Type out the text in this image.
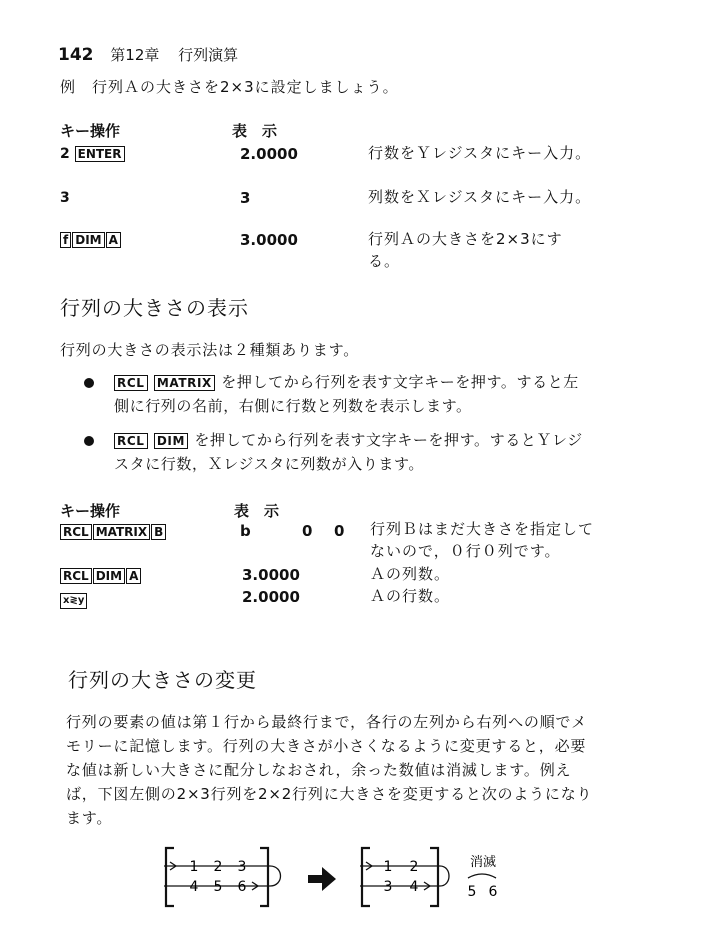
142 第12章 行列演算
例　行列Ａの大きさを2×3に設定しましょう。
キー操作	表　示
2 ENTER	2.0000	行数をＹレジスタにキー入力。
3	3	列数をＸレジスタにキー入力。
f DIM A	3.0000	行列Ａの大きさを2×3にする。
行列の大きさの表示
行列の大きさの表示法は２種類あります。
RCL MATRIX を押してから行列を表す文字キーを押す。すると左側に行列の名前，右側に行数と列数を表示します。
RCL DIM を押してから行列を表す文字キーを押す。するとＹレジスタに行数，Ｘレジスタに列数が入ります。
キー操作	表　示
RCL MATRIX B	b	0 0 行列Ｂはまだ大きさを指定してないので，０行０列です。
RCL DIM A	3.0000	Ａの列数。
x≷y	2.0000	Ａの行数。
行列の大きさの変更
行列の要素の値は第１行から最終行まで，各行の左列から右列への順でメモリーに記憶します。行列の大きさが小さくなるように変更すると，必要な値は新しい大きさに配分しなおされ，余った数値は消滅します。例えば，下図左側の2×3行列を2×2行列に大きさを変更すると次のようになります。
1 2 3
4 5 6
1 2
3 4
消滅
5 6
